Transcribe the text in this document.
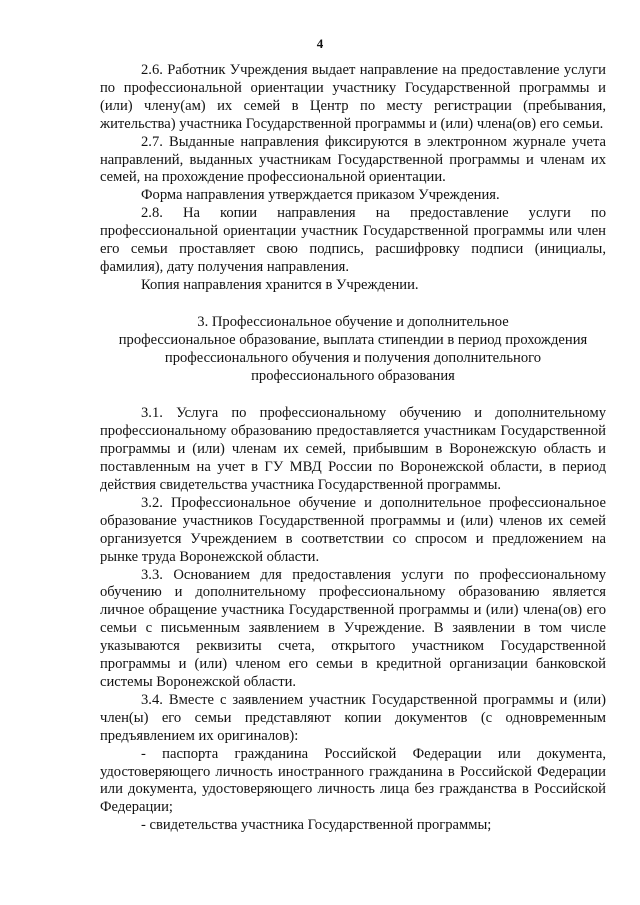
4

2.6. Работник Учреждения выдает направление на предоставление услуги по профессиональной ориентации участнику Государственной программы и (или) члену(ам) их семей в Центр по месту регистрации (пребывания, жительства) участника Государственной программы и (или) члена(ов) его семьи.

2.7. Выданные направления фиксируются в электронном журнале учета направлений, выданных участникам Государственной программы и членам их семей, на прохождение профессиональной ориентации.

Форма направления утверждается приказом Учреждения.

2.8. На копии направления на предоставление услуги по профессиональной ориентации участник Государственной программы или член его семьи проставляет свою подпись, расшифровку подписи (инициалы, фамилия), дату получения направления.

Копия направления хранится в Учреждении.

3. Профессиональное обучение и дополнительное
профессиональное образование, выплата стипендии в период прохождения
профессионального обучения и получения дополнительного
профессионального образования

3.1. Услуга по профессиональному обучению и дополнительному профессиональному образованию предоставляется участникам Государственной программы и (или) членам их семей, прибывшим в Воронежскую область и поставленным на учет в ГУ МВД России по Воронежской области, в период действия свидетельства участника Государственной программы.

3.2. Профессиональное обучение и дополнительное профессиональное образование участников Государственной программы и (или) членов их семей организуется Учреждением в соответствии со спросом и предложением на рынке труда Воронежской области.

3.3. Основанием для предоставления услуги по профессиональному обучению и дополнительному профессиональному образованию является личное обращение участника Государственной программы и (или) члена(ов) его семьи с письменным заявлением в Учреждение. В заявлении в том числе указываются реквизиты счета, открытого участником Государственной программы и (или) членом его семьи в кредитной организации банковской системы Воронежской области.

3.4. Вместе с заявлением участник Государственной программы и (или) член(ы) его семьи представляют копии документов (с одновременным предъявлением их оригиналов):

- паспорта гражданина Российской Федерации или документа, удостоверяющего личность иностранного гражданина в Российской Федерации или документа, удостоверяющего личность лица без гражданства в Российской Федерации;

- свидетельства участника Государственной программы;
